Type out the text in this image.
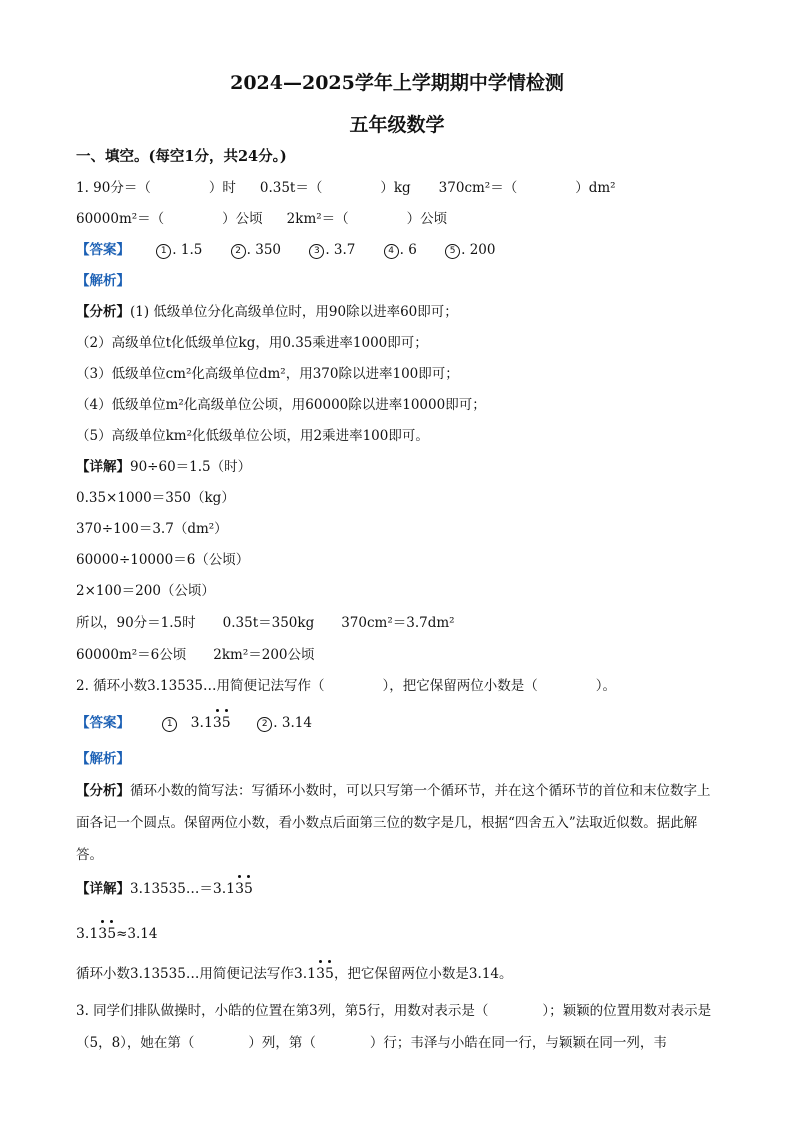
2024—2025学年上学期期中学情检测
五年级数学
一、填空。(每空1分，共24分。)
1. 90分＝（	）时 0.35t＝（	）kg 370cm²＝（	）dm²
60000m²＝（	）公顷 2km²＝（	）公顷
【答案】	1 . 1.5	2 . 350	3 . 3.7	4 . 6	5 . 200
【解析】
【分析】(1) 低级单位分化高级单位时，用90除以进率60即可；
（2）高级单位t化低级单位kg，用0.35乘进率1000即可；
（3）低级单位cm²化高级单位dm²，用370除以进率100即可；
（4）低级单位m²化高级单位公顷，用60000除以进率10000即可；
（5）高级单位km²化低级单位公顷，用2乘进率100即可。
【详解】90÷60＝1.5（时）
0.35×1000＝350（kg）
370÷100＝3.7（dm²）
60000÷10000＝6（公顷）
2×100＝200（公顷）
所以，90分＝1.5时　　0.35t＝350kg　　370cm²＝3.7dm²
60000m²＝6公顷　　2km²＝200公顷
2. 循环小数3.13535…用简便记法写作（	），把它保留两位小数是（	）。
【答案】	1 3.1
3
5	2 . 3.14
【解析】
【分析】循环小数的简写法：写循环小数时，可以只写第一个循环节，并在这个循环节的首位和末位数字上面各记一个圆点。保留两位小数，看小数点后面第三位的数字是几，根据“四舍五入”法取近似数。据此解答。
【详解】3.13535…＝3.1
3
5
3.1
3
5≈3.14
循环小数3.13535…用简便记法写作3.1
3
5，把它保留两位小数是3.14。
3. 同学们排队做操时，小皓的位置在第3列，第5行，用数对表示是（　　　　）；颖颖的位置用数对表示是（5，8），她在第（　　　　）列，第（　　　　）行；韦泽与小皓在同一行，与颖颖在同一列，韦
